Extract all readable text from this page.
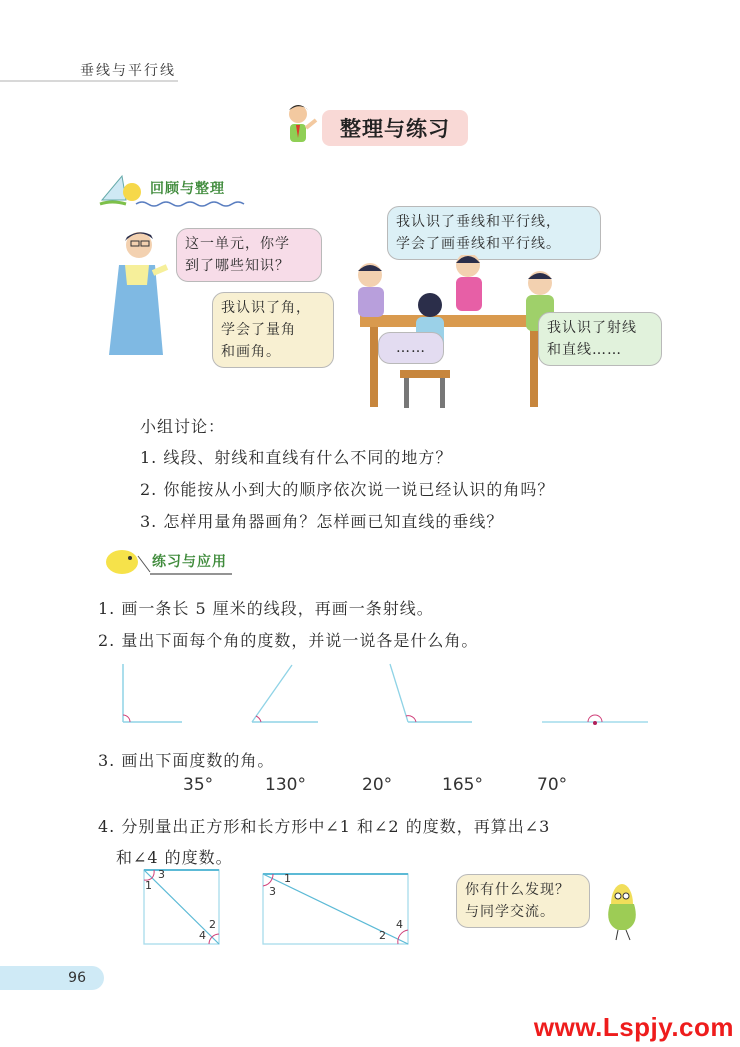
垂线与平行线
整理与练习
回顾与整理
这一单元，你学
到了哪些知识？
我认识了垂线和平行线，
学会了画垂线和平行线。
我认识了角，
学会了量角
和画角。	……
我认识了射线
和直线……
小组讨论：
1. 线段、射线和直线有什么不同的地方？
2. 你能按从小到大的顺序依次说一说已经认识的角吗？
3. 怎样用量角器画角？怎样画已知直线的垂线？
练习与应用
1. 画一条长 5 厘米的线段，再画一条射线。
2. 量出下面每个角的度数，并说一说各是什么角。
3. 画出下面度数的角。
35°	130°	20°	165°	70°
4. 分别量出正方形和长方形中∠1 和∠2 的度数，再算出∠3
和∠4 的度数。
1
3
2
4
1
3
2
4
你有什么发现？
与同学交流。
96
www.Lspjy.com
